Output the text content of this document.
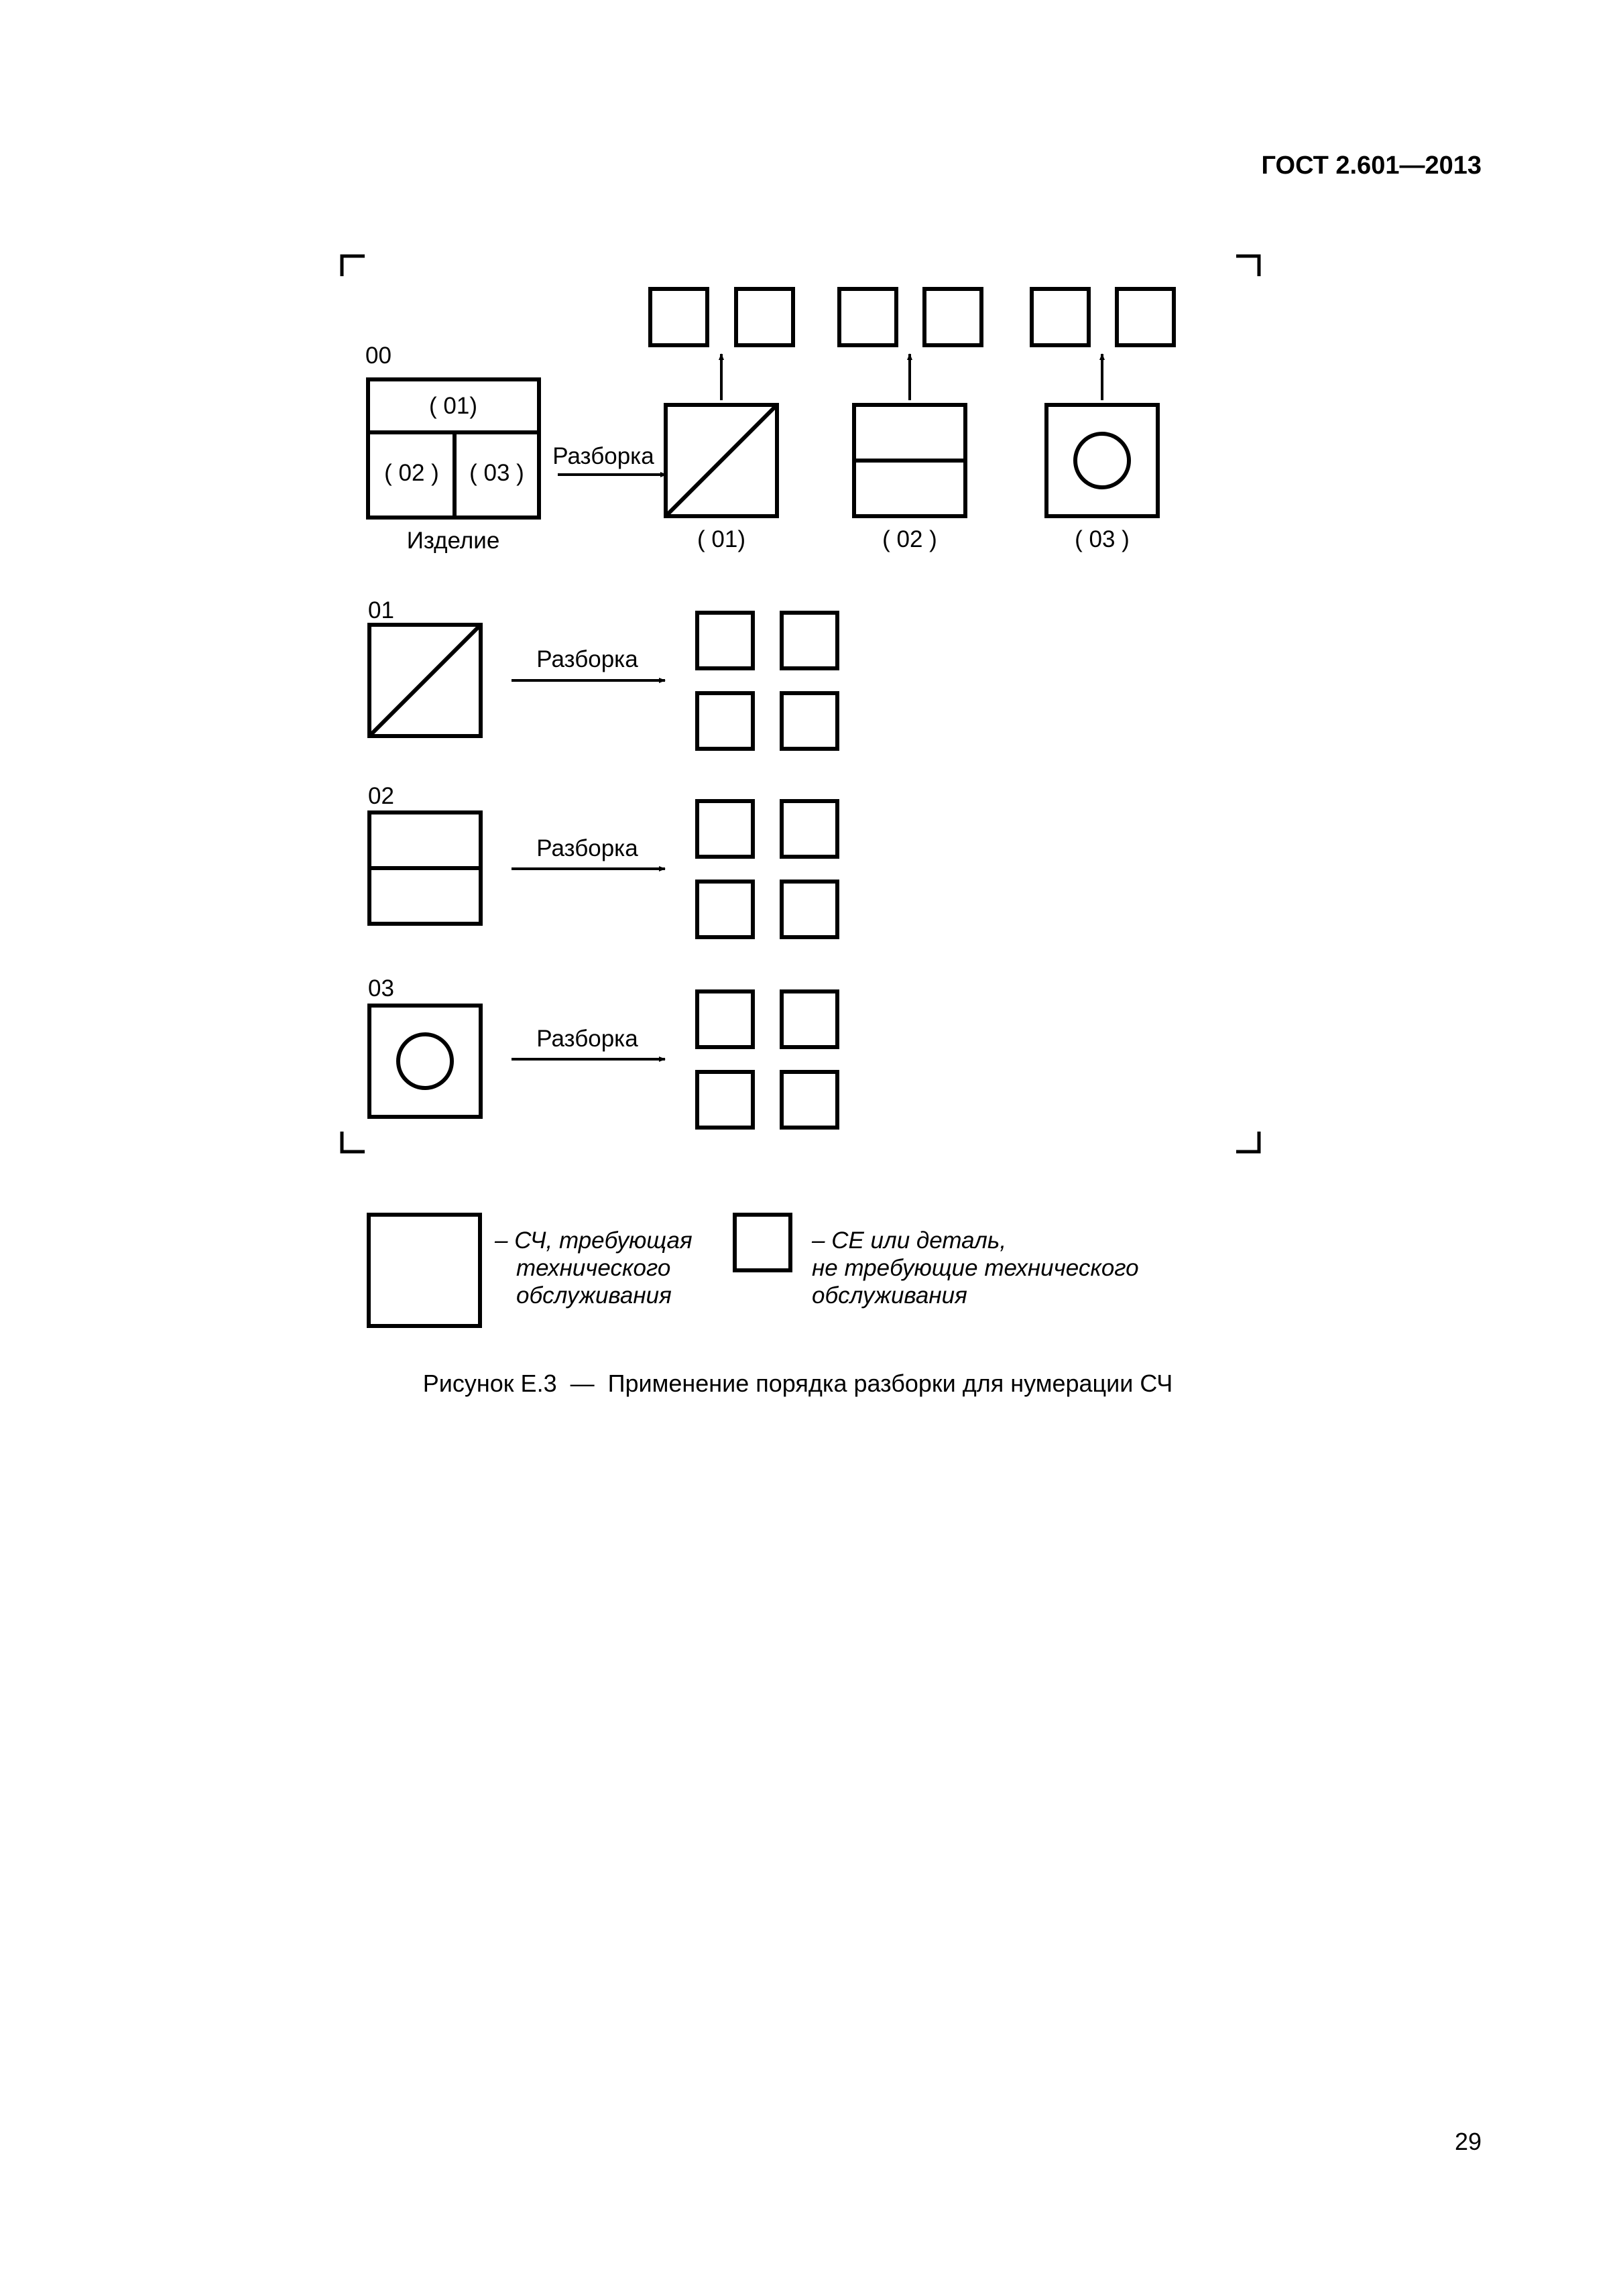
ГОСТ 2.601—2013
00
( 01)
( 02 ) ( 03 )
Изделие
Разборка
( 01)	( 02 )	( 03 )
01
Разборка
02
Разборка
03
Разборка
– СЧ, требующая
технического
обслуживания
– СЕ или деталь,
не требующие технического
обслуживания
Рисунок Е.3  —  Применение порядка разборки для нумерации СЧ
29
